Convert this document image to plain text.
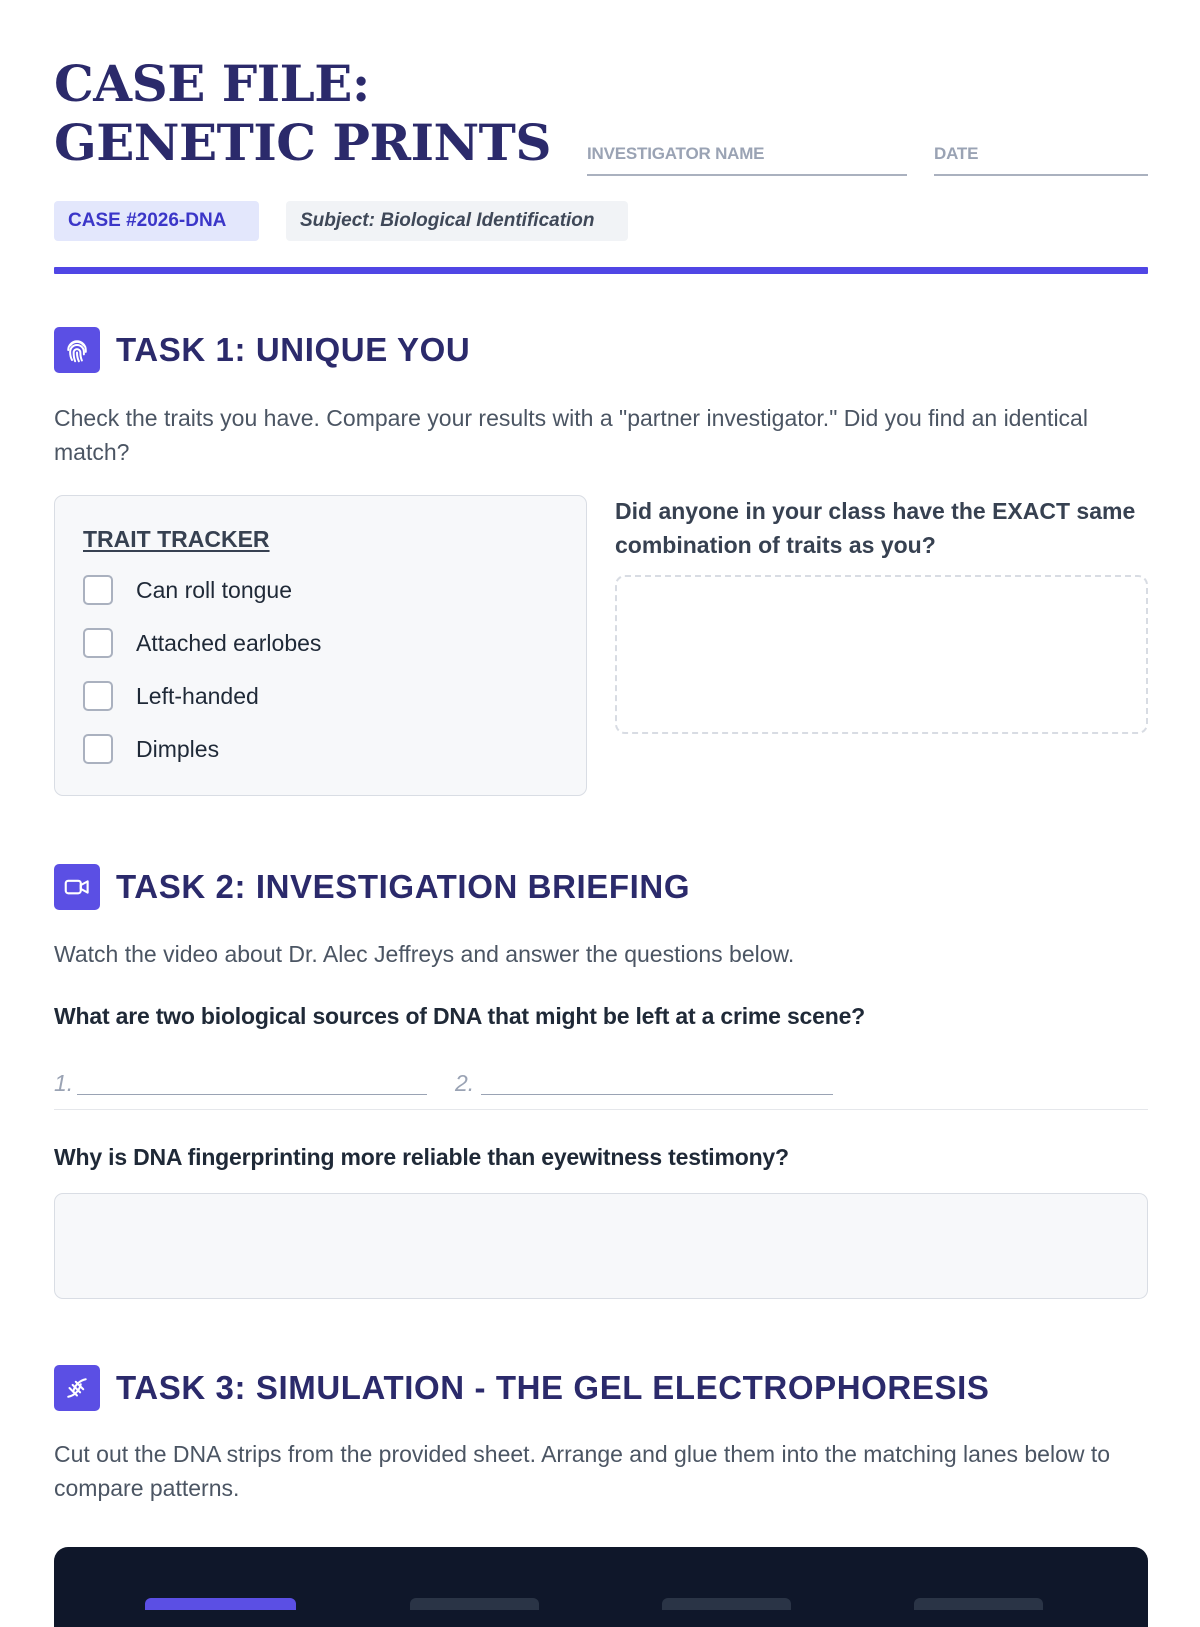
CASE FILE: GENETIC PRINTS	INVESTIGATOR NAME	DATE
CASE #2026-DNA	Subject: Biological Identification
TASK 1: UNIQUE YOU

Check the traits you have. Compare your results with a "partner investigator." Did you find an identical match?

TRAIT TRACKER

Can roll tongue
Attached earlobes
Left-handed
Dimples

Did anyone in your class have the EXACT same combination of traits as you?

TASK 2: INVESTIGATION BRIEFING

Watch the video about Dr. Alec Jeffreys and answer the questions below.

What are two biological sources of DNA that might be left at a crime scene?

1.	2.

Why is DNA fingerprinting more reliable than eyewitness testimony?

TASK 3: SIMULATION - THE GEL ELECTROPHORESIS

Cut out the DNA strips from the provided sheet. Arrange and glue them into the matching lanes below to compare patterns.
